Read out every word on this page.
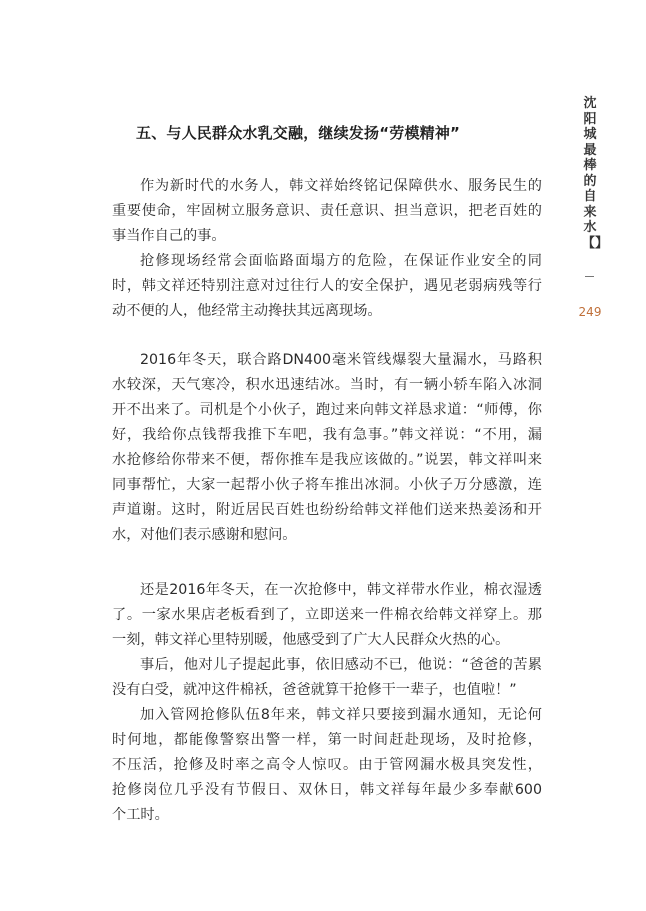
五、与人民群众水乳交融，继续发扬“劳模精神”

作为新时代的水务人，韩文祥始终铭记保障供水、服务民生的
重要使命，牢固树立服务意识、责任意识、担当意识，把老百姓的
事当作自己的事。

抢修现场经常会面临路面塌方的危险，在保证作业安全的同
时，韩文祥还特别注意对过往行人的安全保护，遇见老弱病残等行
动不便的人，他经常主动搀扶其远离现场。

2016年冬天，联合路DN400毫米管线爆裂大量漏水，马路积
水较深，天气寒冷，积水迅速结冰。当时，有一辆小轿车陷入冰洞
开不出来了。司机是个小伙子，跑过来向韩文祥恳求道：“师傅，你
好，我给你点钱帮我推下车吧，我有急事。”韩文祥说：“不用，漏
水抢修给你带来不便，帮你推车是我应该做的。”说罢，韩文祥叫来
同事帮忙，大家一起帮小伙子将车推出冰洞。小伙子万分感激，连
声道谢。这时，附近居民百姓也纷纷给韩文祥他们送来热姜汤和开
水，对他们表示感谢和慰问。

还是2016年冬天，在一次抢修中，韩文祥带水作业，棉衣湿透
了。一家水果店老板看到了，立即送来一件棉衣给韩文祥穿上。那
一刻，韩文祥心里特别暖，他感受到了广大人民群众火热的心。

事后，他对儿子提起此事，依旧感动不已，他说：“爸爸的苦累
没有白受，就冲这件棉袄，爸爸就算干抢修干一辈子，也值啦！”

加入管网抢修队伍8年来，韩文祥只要接到漏水通知，无论何
时何地，都能像警察出警一样，第一时间赶赴现场，及时抢修，
不压活，抢修及时率之高令人惊叹。由于管网漏水极具突发性，
抢修岗位几乎没有节假日、双休日，韩文祥每年最少多奉献600
个工时。

沈阳城最棒的自来水【】
249
